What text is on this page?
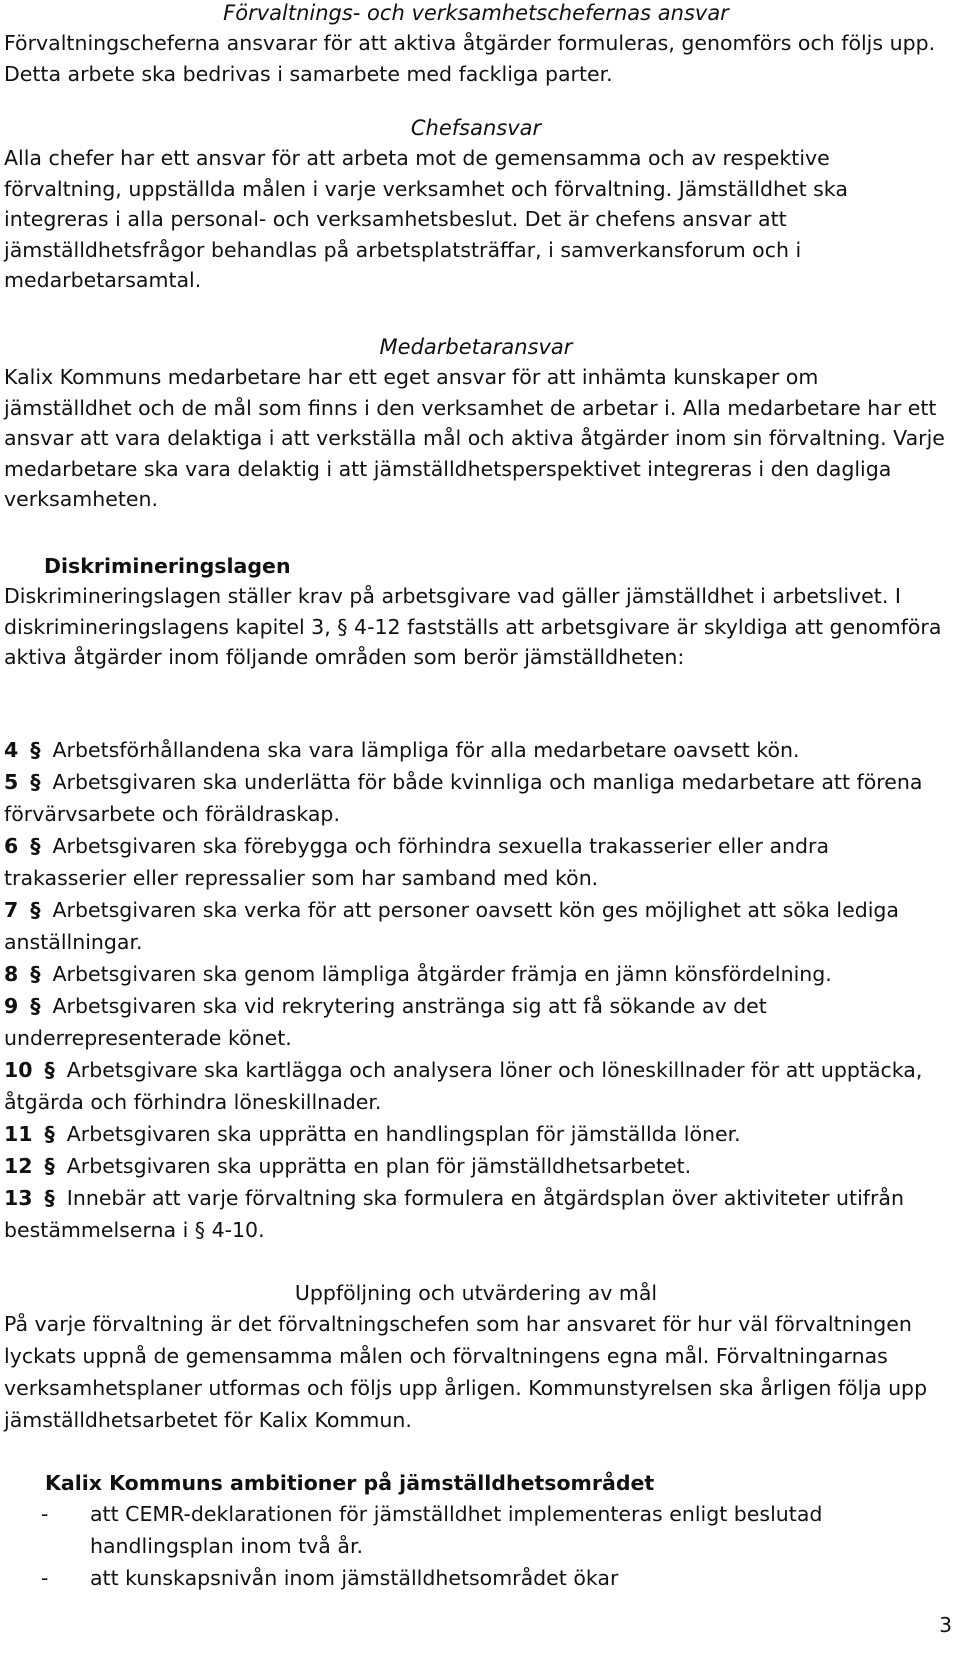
Förvaltnings- och verksamhetschefernas ansvar

Förvaltningscheferna ansvarar för att aktiva åtgärder formuleras, genomförs och följs upp. Detta arbete ska bedrivas i samarbete med fackliga parter.

Chefsansvar

Alla chefer har ett ansvar för att arbeta mot de gemensamma och av respektive förvaltning, uppställda målen i varje verksamhet och förvaltning. Jämställdhet ska integreras i alla personal- och verksamhetsbeslut. Det är chefens ansvar att jämställdhetsfrågor behandlas på arbetsplatsträffar, i samverkansforum och i medarbetarsamtal.

Medarbetaransvar

Kalix Kommuns medarbetare har ett eget ansvar för att inhämta kunskaper om jämställdhet och de mål som finns i den verksamhet de arbetar i. Alla medarbetare har ett ansvar att vara delaktiga i att verkställa mål och aktiva åtgärder inom sin förvaltning. Varje medarbetare ska vara delaktig i att jämställdhetsperspektivet integreras i den dagliga verksamheten.

Diskrimineringslagen

Diskrimineringslagen ställer krav på arbetsgivare vad gäller jämställdhet i arbetslivet. I diskrimineringslagens kapitel 3, § 4-12 fastställs att arbetsgivare är skyldiga att genomföra aktiva åtgärder inom följande områden som berör jämställdheten:

4 § Arbetsförhållandena ska vara lämpliga för alla medarbetare oavsett kön.

5 § Arbetsgivaren ska underlätta för både kvinnliga och manliga medarbetare att förena förvärvsarbete och föräldraskap.

6 § Arbetsgivaren ska förebygga och förhindra sexuella trakasserier eller andra trakasserier eller repressalier som har samband med kön.

7 § Arbetsgivaren ska verka för att personer oavsett kön ges möjlighet att söka lediga anställningar.

8 § Arbetsgivaren ska genom lämpliga åtgärder främja en jämn könsfördelning.

9 § Arbetsgivaren ska vid rekrytering anstränga sig att få sökande av det underrepresenterade könet.

10 § Arbetsgivare ska kartlägga och analysera löner och löneskillnader för att upptäcka, åtgärda och förhindra löneskillnader.

11 § Arbetsgivaren ska upprätta en handlingsplan för jämställda löner.

12 § Arbetsgivaren ska upprätta en plan för jämställdhetsarbetet.

13 § Innebär att varje förvaltning ska formulera en åtgärdsplan över aktiviteter utifrån bestämmelserna i § 4-10.

Uppföljning och utvärdering av mål

På varje förvaltning är det förvaltningschefen som har ansvaret för hur väl förvaltningen lyckats uppnå de gemensamma målen och förvaltningens egna mål. Förvaltningarnas verksamhetsplaner utformas och följs upp årligen. Kommunstyrelsen ska årligen följa upp jämställdhetsarbetet för Kalix Kommun.

Kalix Kommuns ambitioner på jämställdhetsområdet

-	att CEMR-deklarationen för jämställdhet implementeras enligt beslutad handlingsplan inom två år.
-	att kunskapsnivån inom jämställdhetsområdet ökar
3
